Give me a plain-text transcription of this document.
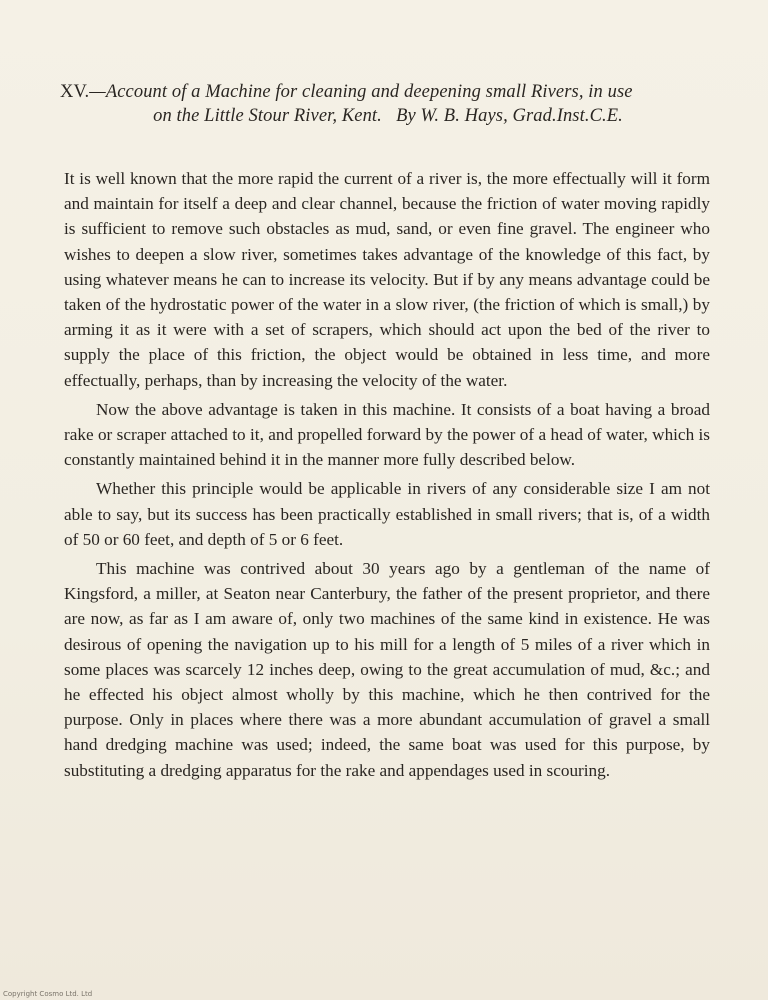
XV.—Account of a Machine for cleaning and deepening small Rivers, in use
on the Little Stour River, Kent. By W. B. Hays, Grad.Inst.C.E.

It is well known that the more rapid the current of a river is, the more effectually will it form and maintain for itself a deep and clear channel, because the friction of water moving rapidly is sufficient to remove such obstacles as mud, sand, or even fine gravel. The engineer who wishes to deepen a slow river, sometimes takes advantage of the knowledge of this fact, by using whatever means he can to increase its velocity. But if by any means advantage could be taken of the hydrostatic power of the water in a slow river, (the friction of which is small,) by arming it as it were with a set of scrapers, which should act upon the bed of the river to supply the place of this friction, the object would be obtained in less time, and more effectually, perhaps, than by increasing the velocity of the water.

Now the above advantage is taken in this machine. It consists of a boat having a broad rake or scraper attached to it, and propelled forward by the power of a head of water, which is constantly maintained behind it in the manner more fully described below.

Whether this principle would be applicable in rivers of any considerable size I am not able to say, but its success has been practically established in small rivers; that is, of a width of 50 or 60 feet, and depth of 5 or 6 feet.

This machine was contrived about 30 years ago by a gentleman of the name of Kingsford, a miller, at Seaton near Canterbury, the father of the present proprietor, and there are now, as far as I am aware of, only two machines of the same kind in existence. He was desirous of opening the navigation up to his mill for a length of 5 miles of a river which in some places was scarcely 12 inches deep, owing to the great accumulation of mud, &c.; and he effected his object almost wholly by this machine, which he then contrived for the purpose. Only in places where there was a more abundant accumulation of gravel a small hand dredging machine was used; indeed, the same boat was used for this purpose, by substituting a dredging apparatus for the rake and appendages used in scouring.

Copyright Cosmo Ltd. Ltd
